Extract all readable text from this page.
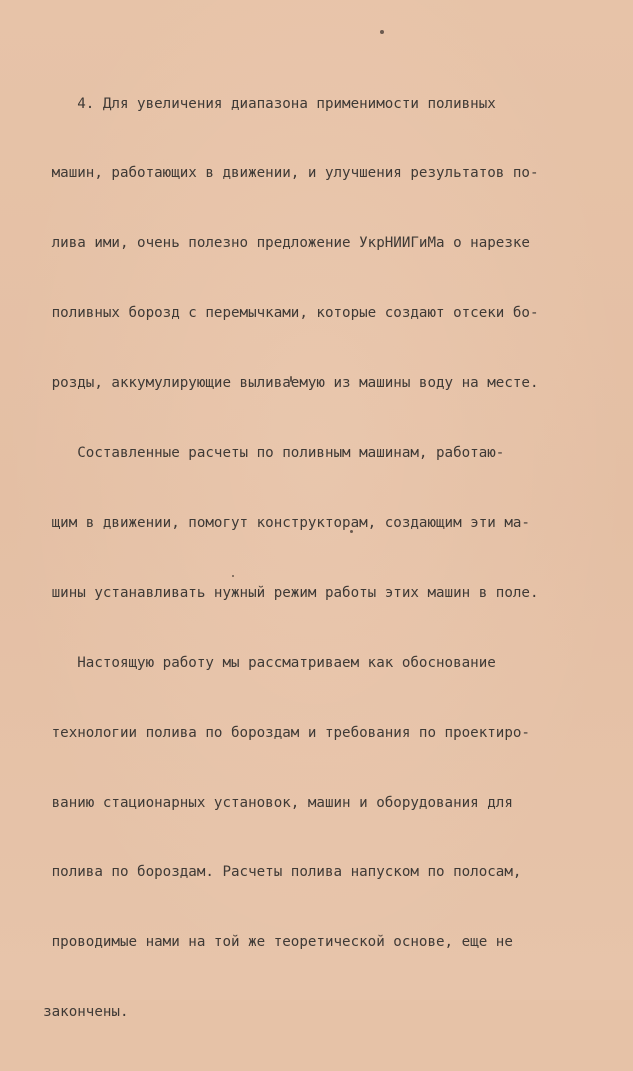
4. Для увеличения диапазона применимости поливных

машин, работающих в движении, и улучшения результатов по-

лива ими, очень полезно предложение УкрНИИГиМа о нарезке

поливных борозд с перемычками, которые создают отсеки бо-

розды, аккумулирующие выливаемую из машины воду на месте.

Составленные расчеты по поливным машинам, работаю-

щим в движении, помогут конструкторам, создающим эти ма-

шины устанавливать нужный режим работы этих машин в поле.

Настоящую работу мы рассматриваем как обоснование

технологии полива по бороздам и требования по проектиро-

ванию стационарных установок, машин и оборудования для

полива по бороздам. Расчеты полива напуском по полосам,

проводимые нами на той же теоретической основе, еще не

закончены.
